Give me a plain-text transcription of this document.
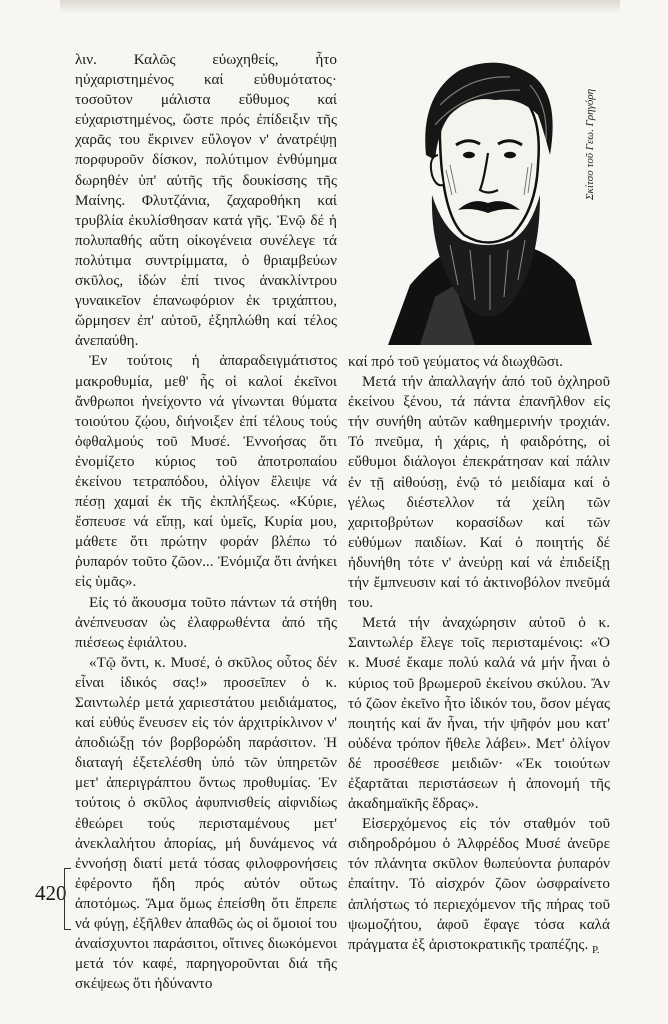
λιν. Καλῶς εὐωχηθείς, ἦτο ηὐχαριστημένος καί εὐθυμότατος· τοσοῦτον μάλιστα εὔθυμος καί εὐχαριστημένος, ὥστε πρός ἐπίδειξιν τῆς χαρᾶς του ἔκρινεν εὔλογον ν' ἀνατρέψῃ πορφυροῦν δίσκον, πολύτιμον ἐνθύμημα δωρηθέν ὑπ' αὐτῆς τῆς δουκίσσης τῆς Μαίνης. Φλυτζάνια, ζαχαροθήκη καί τρυβλία ἐκυλίσθησαν κατά γῆς. Ἐνῷ δέ ἡ πολυπαθής αὕτη οἰκογένεια συνέλεγε τά πολύτιμα συντρίμματα, ὁ θριαμβεύων σκῦλος, ἰδών ἐπί τινος ἀνακλίντρου γυναικεῖον ἐπανωφόριον ἐκ τριχάπτου, ὥρμησεν ἐπ' αὐτοῦ, ἐξηπλώθη καί τέλος ἀνεπαύθη.

Ἐν τούτοις ἡ ἀπαραδειγμάτιστος μακροθυμία, μεθ' ἧς οἱ καλοί ἐκεῖνοι ἄνθρωποι ἠνείχοντο νά γίνωνται θύματα τοιούτου ζῴου, διήνοιξεν ἐπί τέλους τούς ὀφθαλμούς τοῦ Μυσέ. Ἐννοήσας ὅτι ἐνομίζετο κύριος τοῦ ἀποτροπαίου ἐκείνου τετραπόδου, ὀλίγον ἔλειψε νά πέσῃ χαμαί ἐκ τῆς ἐκπλήξεως. «Κύριε, ἔσπευσε νά εἴπῃ, καί ὑμεῖς, Κυρία μου, μάθετε ὅτι πρώτην φοράν βλέπω τό ῥυπαρόν τοῦτο ζῶον... Ἐνόμιζα ὅτι ἀνήκει εἰς ὑμᾶς».

Εἰς τό ἄκουσμα τοῦτο πάντων τά στήθη ἀνέπνευσαν ὡς ἐλαφρωθέντα ἀπό τῆς πιέσεως ἐφιάλτου.

«Τῷ ὄντι, κ. Μυσέ, ὁ σκῦλος οὗτος δέν εἶναι ἰδικός σας!» προσεῖπεν ὁ κ. Σαιντωλέρ μετά χαριεστάτου μειδιάματος, καί εὐθύς ἔνευσεν εἰς τόν ἀρχιτρίκλινον ν' ἀποδιώξῃ τόν βορβορώδη παράσιτον. Ἡ διαταγή ἐξετελέσθη ὑπό τῶν ὑπηρετῶν μετ' ἀπεριγράπτου ὄντως προθυμίας. Ἐν τούτοις ὁ σκῦλος ἀφυπνισθείς αἰφνιδίως ἐθεώρει τούς περισταμένους μετ' ἀνεκλαλήτου ἀπορίας, μή δυνάμενος νά ἐννοήσῃ διατί μετά τόσας φιλοφρονήσεις ἐφέροντο ἤδη πρός αὐτόν οὕτως ἀποτόμως. Ἅμα ὅμως ἐπείσθη ὅτι ἔπρεπε νά φύγῃ, ἐξῆλθεν ἀπαθῶς ὡς οἱ ὅμοιοί του ἀναίσχυντοι παράσιτοι, οἵτινες διωκόμενοι μετά τόν καφέ, παρηγοροῦνται διά τῆς σκέψεως ὅτι ἠδύναντο

ΓΓ
Σκίτσο τοῦ Γεω. Γρηγόρη

καί πρό τοῦ γεύματος νά διωχθῶσι.

Μετά τήν ἀπαλλαγήν ἀπό τοῦ ὀχληροῦ ἐκείνου ξένου, τά πάντα ἐπανῆλθον εἰς τήν συνήθη αὐτῶν καθημερινήν τροχιάν. Τό πνεῦμα, ἡ χάρις, ἡ φαιδρότης, οἱ εὔθυμοι διάλογοι ἐπεκράτησαν καί πάλιν ἐν τῇ αἰθούσῃ, ἐνῷ τό μειδίαμα καί ὁ γέλως διέστελλον τά χείλη τῶν χαριτοβρύτων κορασίδων καί τῶν εὐθύμων παιδίων. Καί ὁ ποιητής δέ ἠδυνήθη τότε ν' ἀνεύρῃ καί νά ἐπιδείξῃ τήν ἔμπνευσιν καί τό ἀκτινοβόλον πνεῦμά του.

Μετά τήν ἀναχώρησιν αὐτοῦ ὁ κ. Σαιντωλέρ ἔλεγε τοῖς περισταμένοις: «Ὁ κ. Μυσέ ἔκαμε πολύ καλά νά μήν ἦναι ὁ κύριος τοῦ βρωμεροῦ ἐκείνου σκύλου. Ἄν τό ζῶον ἐκεῖνο ἦτο ἰδικόν του, ὅσον μέγας ποιητής καί ἄν ἦναι, τήν ψῆφόν μου κατ' οὐδένα τρόπον ἤθελε λάβει». Μετ' ὀλίγον δέ προσέθεσε μειδιῶν· «Ἐκ τοιούτων ἐξαρτᾶται περιστάσεων ἡ ἀπονομή τῆς ἀκαδημαϊκῆς ἕδρας».

Εἰσερχόμενος εἰς τόν σταθμόν τοῦ σιδηροδρόμου ὁ Ἀλφρέδος Μυσέ ἀνεῦρε τόν πλάνητα σκῦλον θωπεύοντα ῥυπαρόν ἐπαίτην. Τό αἰσχρόν ζῶον ὠσφραίνετο ἀπλήστως τό περιεχόμενον τῆς πήρας τοῦ ψωμοζήτου, ἀφοῦ ἔφαγε τόσα καλά πράγματα ἐξ ἀριστοκρατικῆς τραπέζης.

420
P.
